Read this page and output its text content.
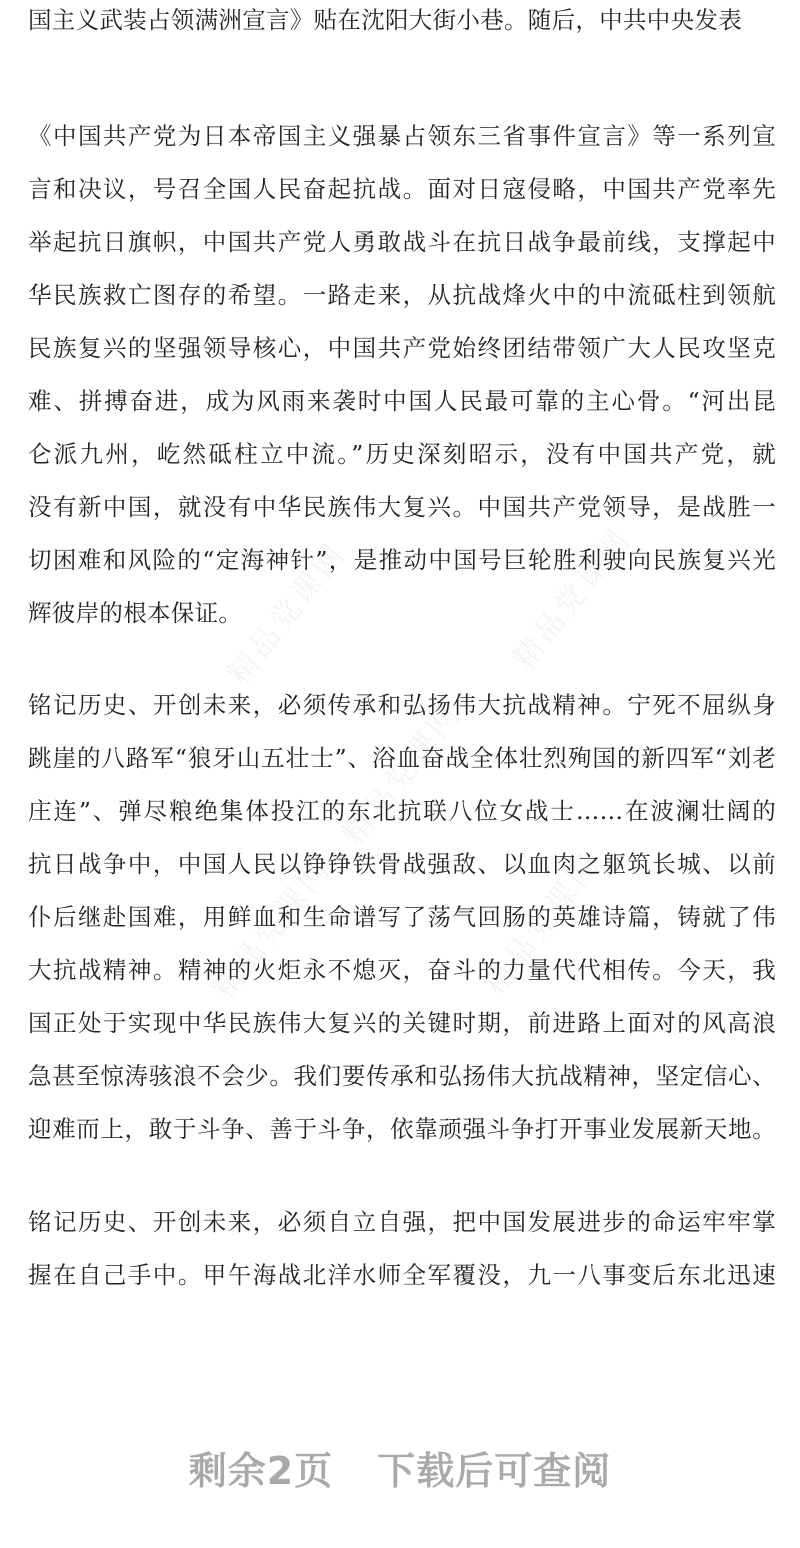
国主义武装占领满洲宣言》贴在沈阳大街小巷。随后，中共中央发表
《中国共产党为日本帝国主义强暴占领东三省事件宣言》等一系列宣
言和决议，号召全国人民奋起抗战。面对日寇侵略，中国共产党率先
举起抗日旗帜，中国共产党人勇敢战斗在抗日战争最前线，支撑起中
华民族救亡图存的希望。一路走来，从抗战烽火中的中流砥柱到领航
民族复兴的坚强领导核心，中国共产党始终团结带领广大人民攻坚克
难、拼搏奋进，成为风雨来袭时中国人民最可靠的主心骨。“河出昆
仑派九州，屹然砥柱立中流。”历史深刻昭示，没有中国共产党，就
没有新中国，就没有中华民族伟大复兴。中国共产党领导，是战胜一
切困难和风险的“定海神针”，是推动中国号巨轮胜利驶向民族复兴光
辉彼岸的根本保证。
铭记历史、开创未来，必须传承和弘扬伟大抗战精神。宁死不屈纵身
跳崖的八路军“狼牙山五壮士”、浴血奋战全体壮烈殉国的新四军“刘老
庄连”、弹尽粮绝集体投江的东北抗联八位女战士……在波澜壮阔的
抗日战争中，中国人民以铮铮铁骨战强敌、以血肉之躯筑长城、以前
仆后继赴国难，用鲜血和生命谱写了荡气回肠的英雄诗篇，铸就了伟
大抗战精神。精神的火炬永不熄灭，奋斗的力量代代相传。今天，我
国正处于实现中华民族伟大复兴的关键时期，前进路上面对的风高浪
急甚至惊涛骇浪不会少。我们要传承和弘扬伟大抗战精神，坚定信心、
迎难而上，敢于斗争、善于斗争，依靠顽强斗争打开事业发展新天地。
铭记历史、开创未来，必须自立自强，把中国发展进步的命运牢牢掌
握在自己手中。甲午海战北洋水师全军覆没，九一八事变后东北迅速
剩余2页 下载后可查阅
